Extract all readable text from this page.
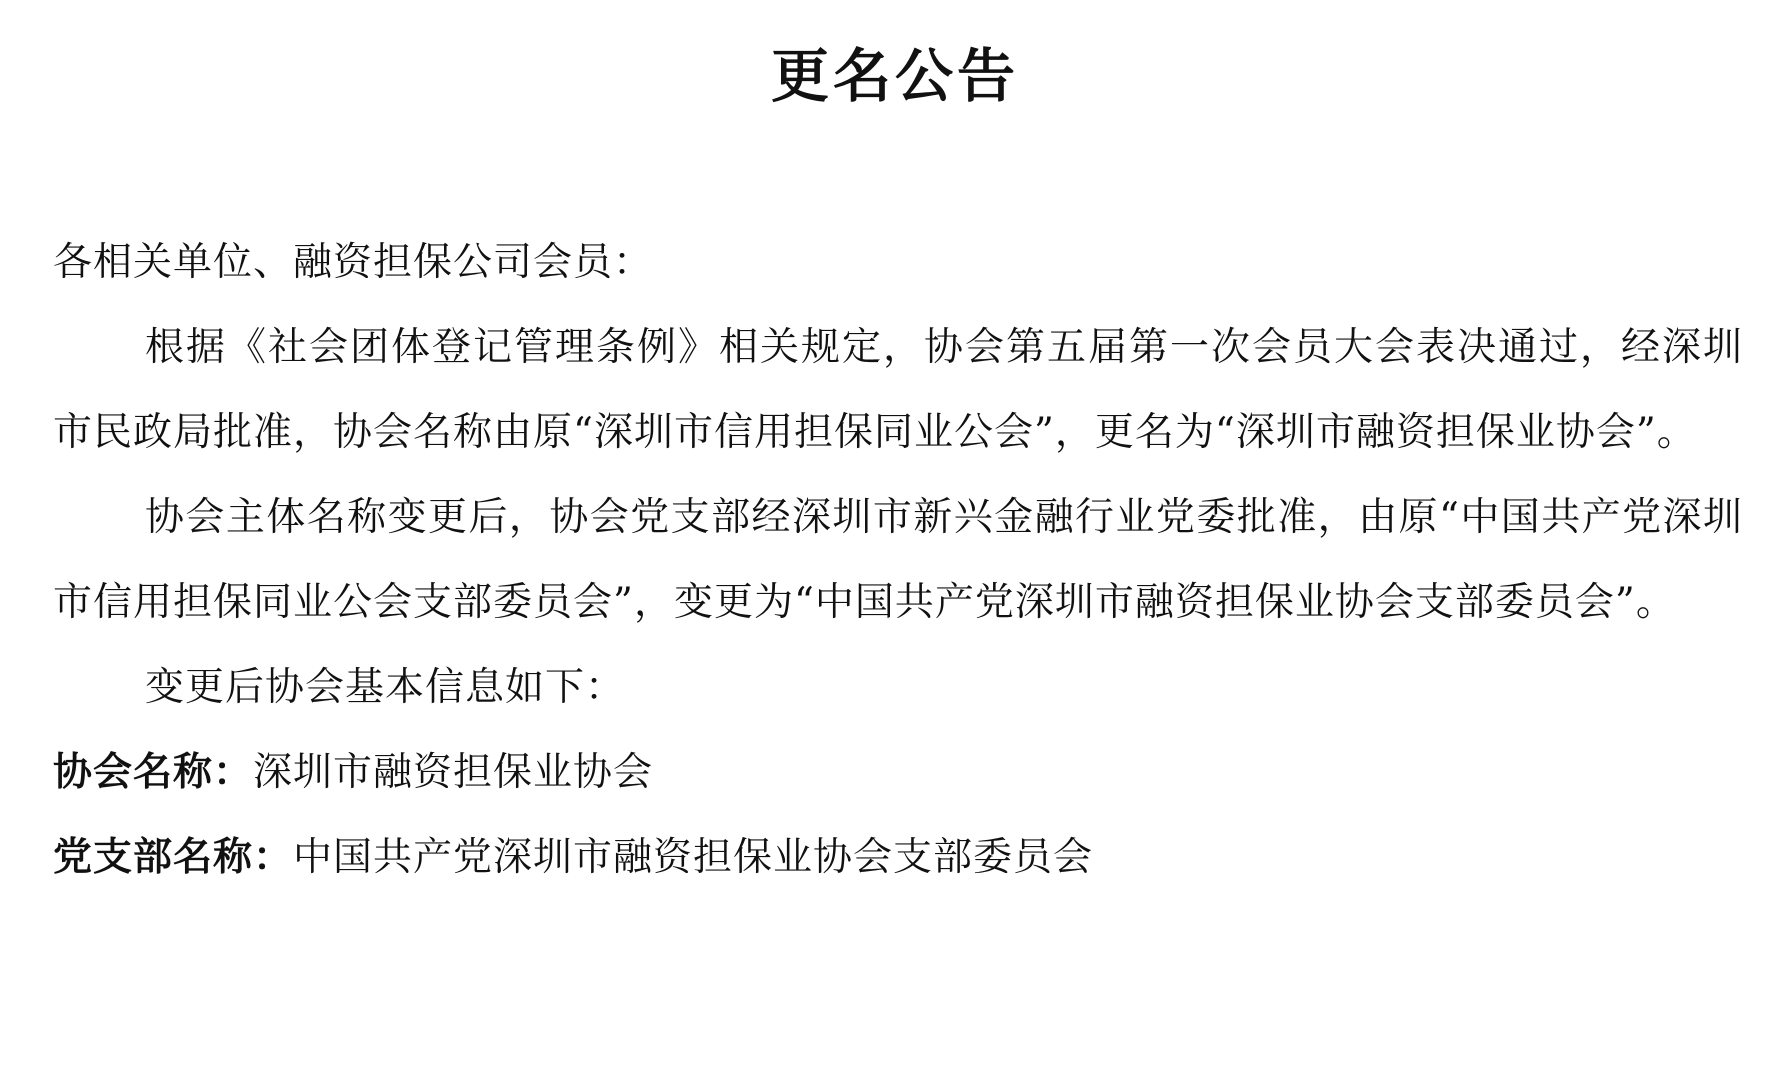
更名公告

各相关单位、融资担保公司会员：

根据《社会团体登记管理条例》相关规定，协会第五届第一次会员大会表决通过，经深圳市民政局批准，协会名称由原“深圳市信用担保同业公会”，更名为“深圳市融资担保业协会”。

协会主体名称变更后，协会党支部经深圳市新兴金融行业党委批准，由原“中国共产党深圳市信用担保同业公会支部委员会”，变更为“中国共产党深圳市融资担保业协会支部委员会”。

变更后协会基本信息如下：

协会名称：深圳市融资担保业协会

党支部名称：中国共产党深圳市融资担保业协会支部委员会
